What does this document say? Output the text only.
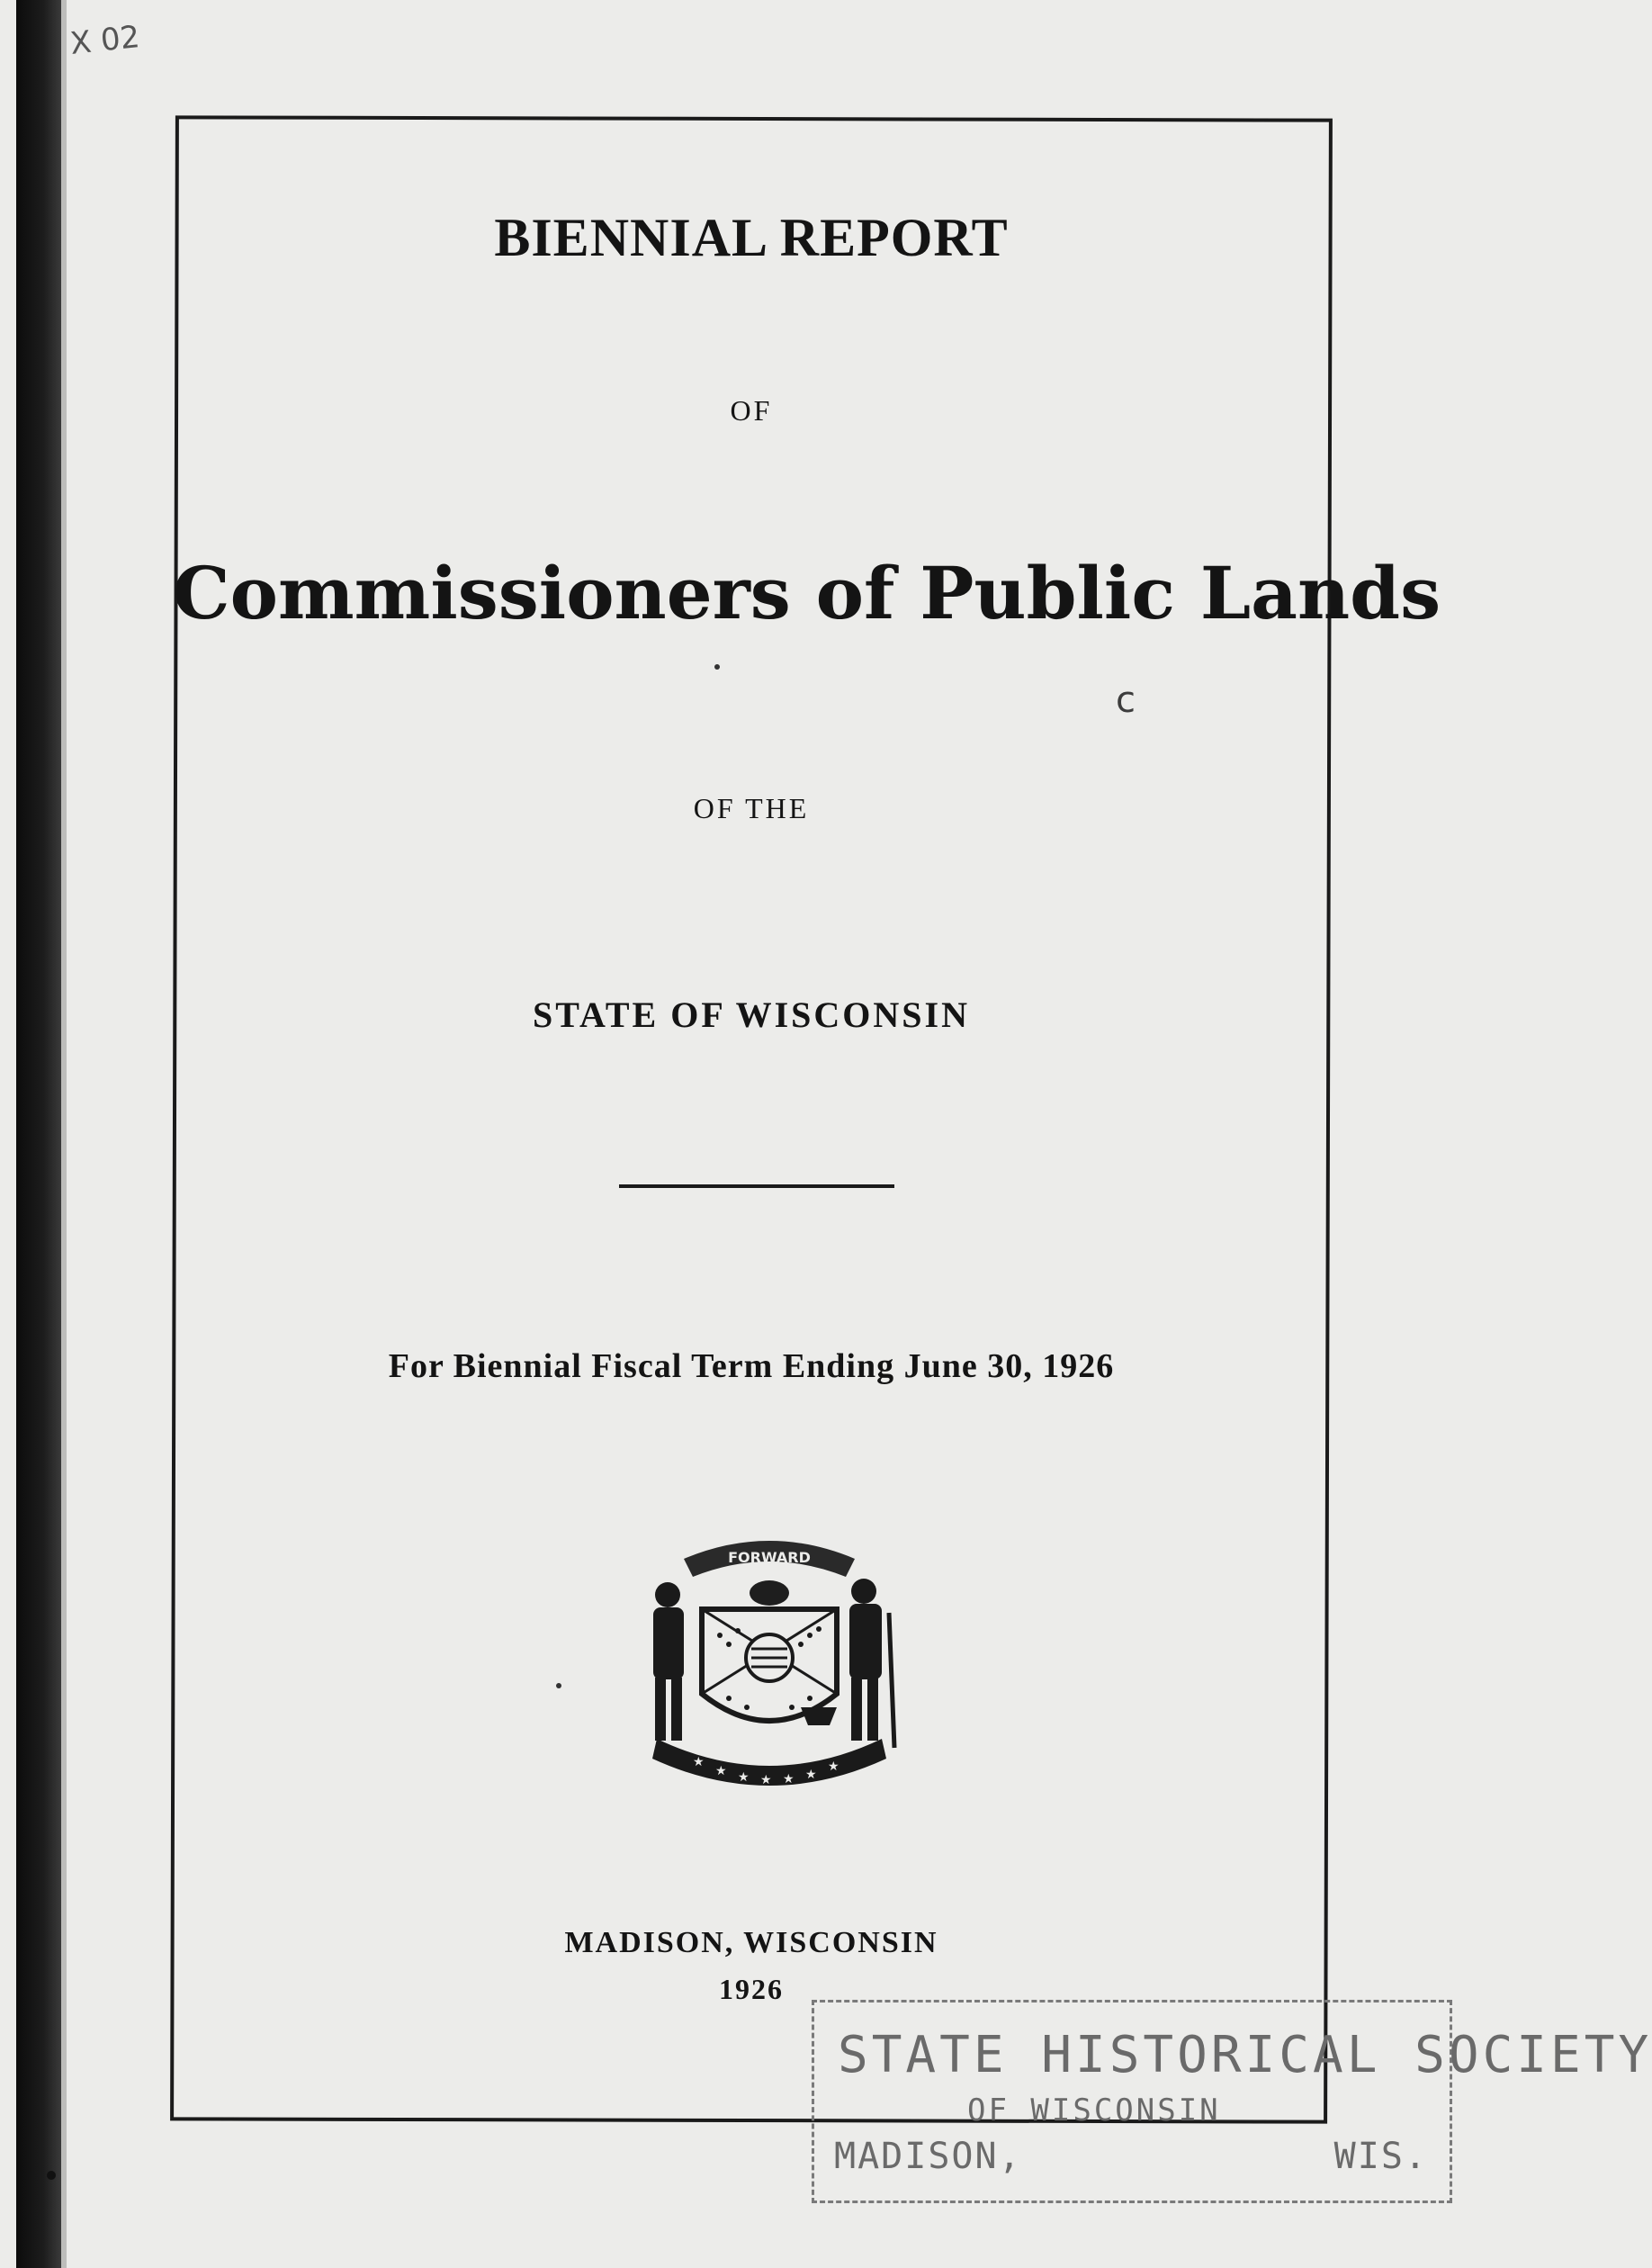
X 02
BIENNIAL REPORT
OF
Commissioners of Public Lands
c
OF THE
STATE OF WISCONSIN
For Biennial Fiscal Term Ending June 30, 1926
FORWARD
★
★ ★ ★ ★ ★
★
MADISON, WISCONSIN
1926
STATE HISTORICAL SOCIETY
OF WISCONSIN
MADISON,	WIS.
